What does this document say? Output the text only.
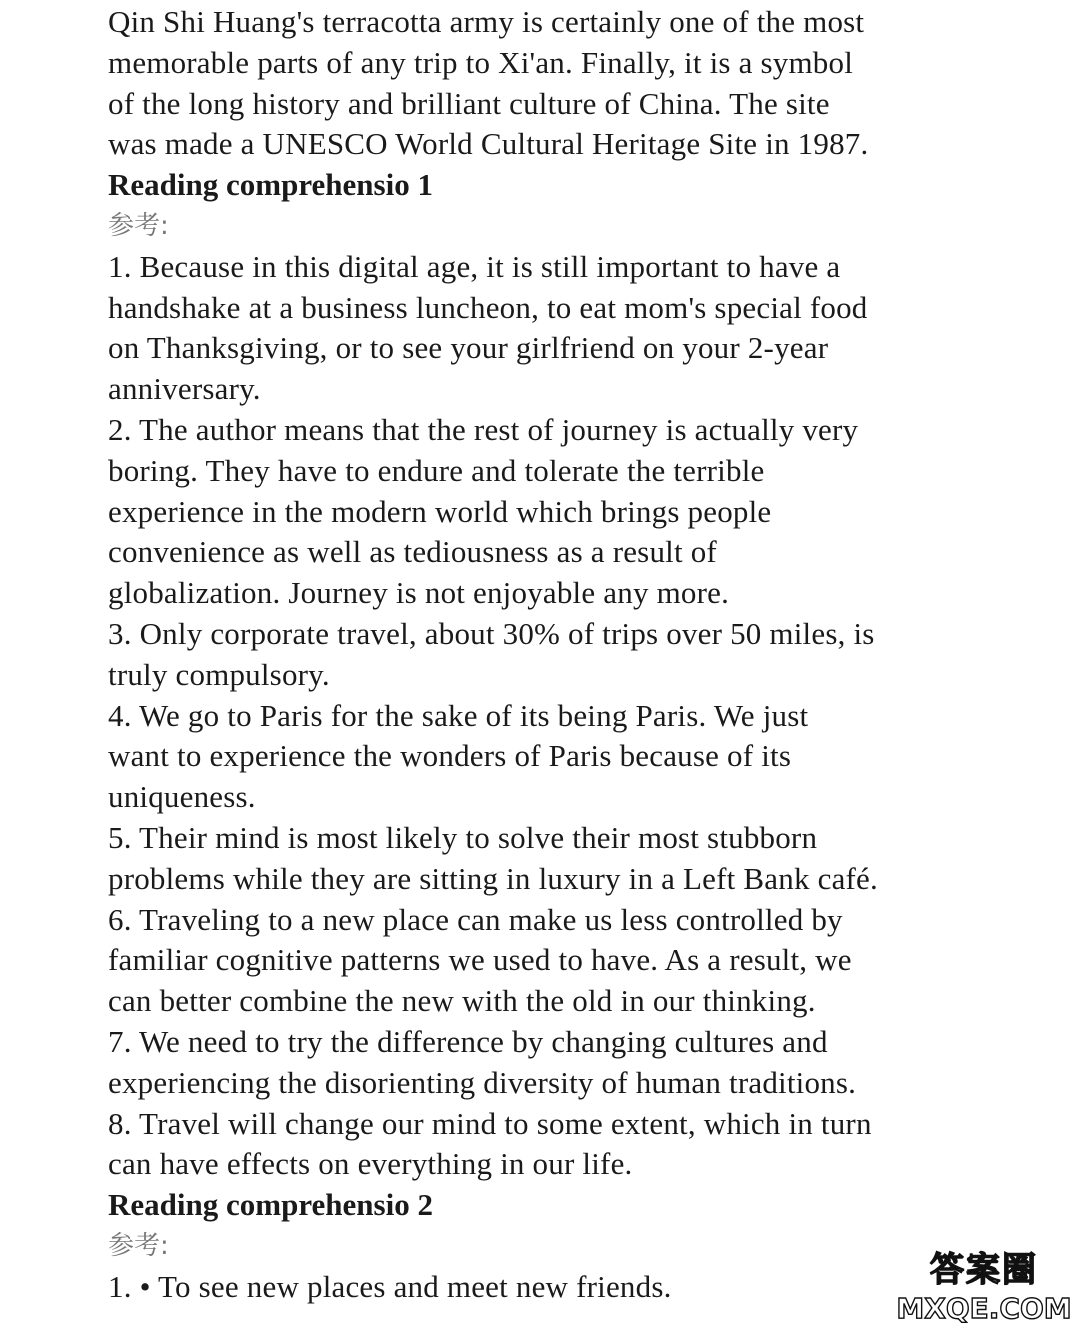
Qin Shi Huang's terracotta army is certainly one of the most
memorable parts of any trip to Xi'an. Finally, it is a symbol
of the long history and brilliant culture of China. The site
was made a UNESCO World Cultural Heritage Site in 1987.
Reading comprehensio 1
参考:
1. Because in this digital age, it is still important to have a
handshake at a business luncheon, to eat mom's special food
on Thanksgiving, or to see your girlfriend on your 2-year
anniversary.
2. The author means that the rest of journey is actually very
boring. They have to endure and tolerate the terrible
experience in the modern world which brings people
convenience as well as tediousness as a result of
globalization. Journey is not enjoyable any more.
3. Only corporate travel, about 30% of trips over 50 miles, is
truly compulsory.
4. We go to Paris for the sake of its being Paris. We just
want to experience the wonders of Paris because of its
uniqueness.
5. Their mind is most likely to solve their most stubborn
problems while they are sitting in luxury in a Left Bank café.
6. Traveling to a new place can make us less controlled by
familiar cognitive patterns we used to have. As a result, we
can better combine the new with the old in our thinking.
7. We need to try the difference by changing cultures and
experiencing the disorienting diversity of human traditions.
8. Travel will change our mind to some extent, which in turn
can have effects on everything in our life.
Reading comprehensio 2
参考:
1. • To see new places and meet new friends.	答案圈
MXQE.COM
